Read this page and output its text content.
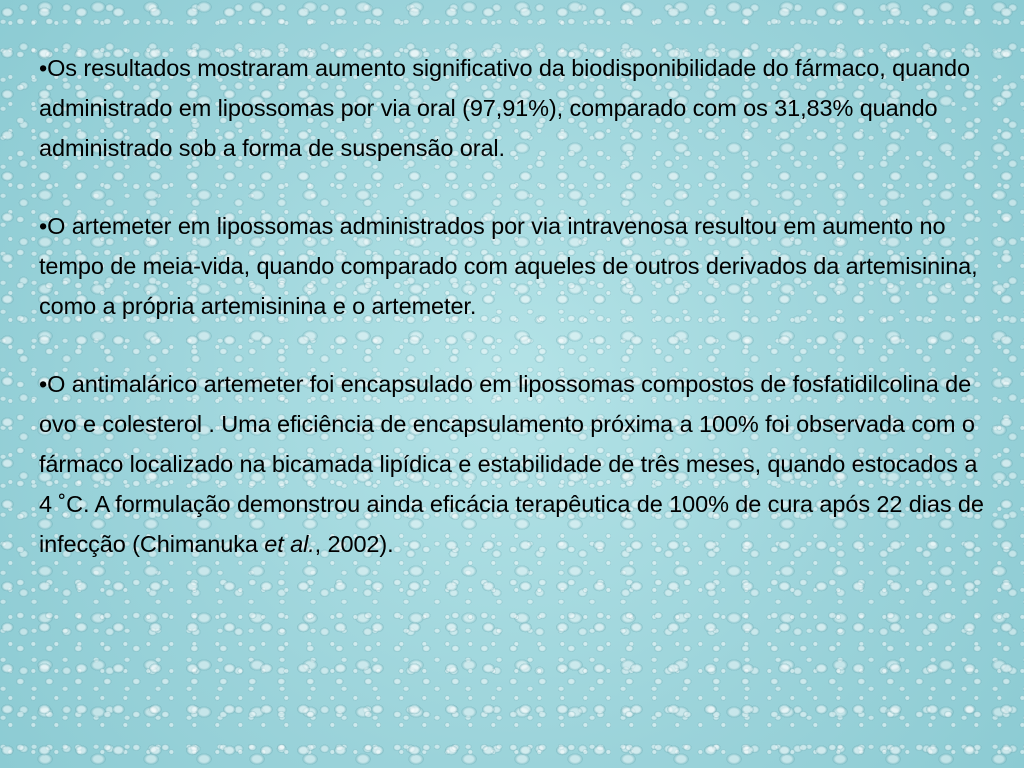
•Os resultados mostraram aumento significativo da biodisponibilidade do fármaco, quando administrado em lipossomas por via oral (97,91%), comparado com os 31,83% quando administrado sob a forma de suspensão oral.

•O artemeter em lipossomas administrados por via intravenosa resultou em aumento no tempo de meia-vida, quando comparado com aqueles de outros derivados da artemisinina, como a própria artemisinina e o artemeter.

•O antimalárico artemeter foi encapsulado em lipossomas compostos de fosfatidilcolina de ovo e colesterol . Uma eficiência de encapsulamento próxima a 100% foi observada com o fármaco localizado na bicamada lipídica e estabilidade de três meses, quando estocados a 4 ˚C. A formulação demonstrou ainda eficácia terapêutica de 100% de cura após 22 dias de infecção (Chimanuka et al., 2002).
